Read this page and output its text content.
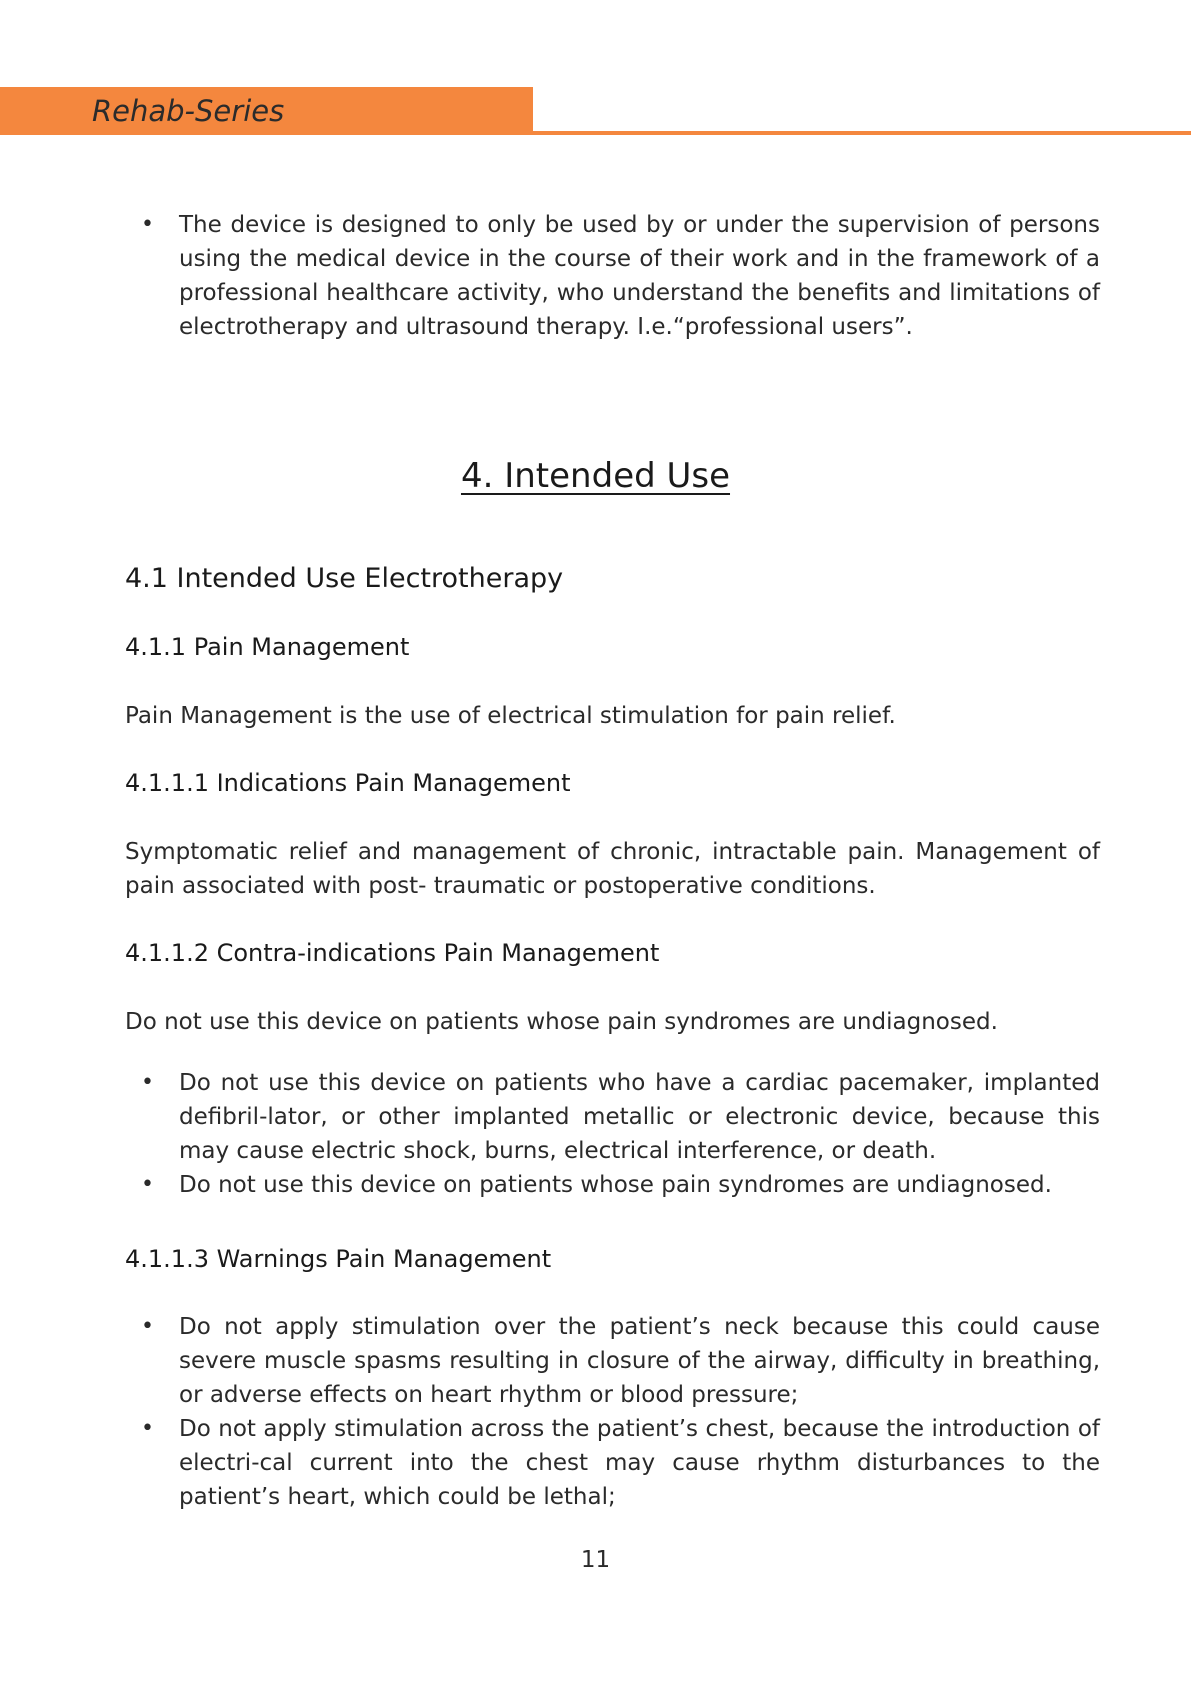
Rehab-Series
• The device is designed to only be used by or under the supervision of persons using the medical device in the course of their work and in the framework of a professional healthcare activity, who understand the benefits and limitations of electrotherapy and ultrasound therapy. I.e.“professional users”.
4. Intended Use
4.1 Intended Use Electrotherapy
4.1.1 Pain Management

Pain Management is the use of electrical stimulation for pain relief.

4.1.1.1 Indications Pain Management

Symptomatic relief and management of chronic, intractable pain. Management of pain associated with post- traumatic or postoperative conditions.

4.1.1.2 Contra-indications Pain Management

Do not use this device on patients whose pain syndromes are undiagnosed.

• Do not use this device on patients who have a cardiac pacemaker, implanted defibril-lator, or other implanted metallic or electronic device, because this may cause electric shock, burns, electrical interference, or death.
• Do not use this device on patients whose pain syndromes are undiagnosed.
4.1.1.3 Warnings Pain Management
• Do not apply stimulation over the patient’s neck because this could cause severe muscle spasms resulting in closure of the airway, difficulty in breathing, or adverse effects on heart rhythm or blood pressure;
• Do not apply stimulation across the patient’s chest, because the introduction of electri-cal current into the chest may cause rhythm disturbances to the patient’s heart, which could be lethal;
11
